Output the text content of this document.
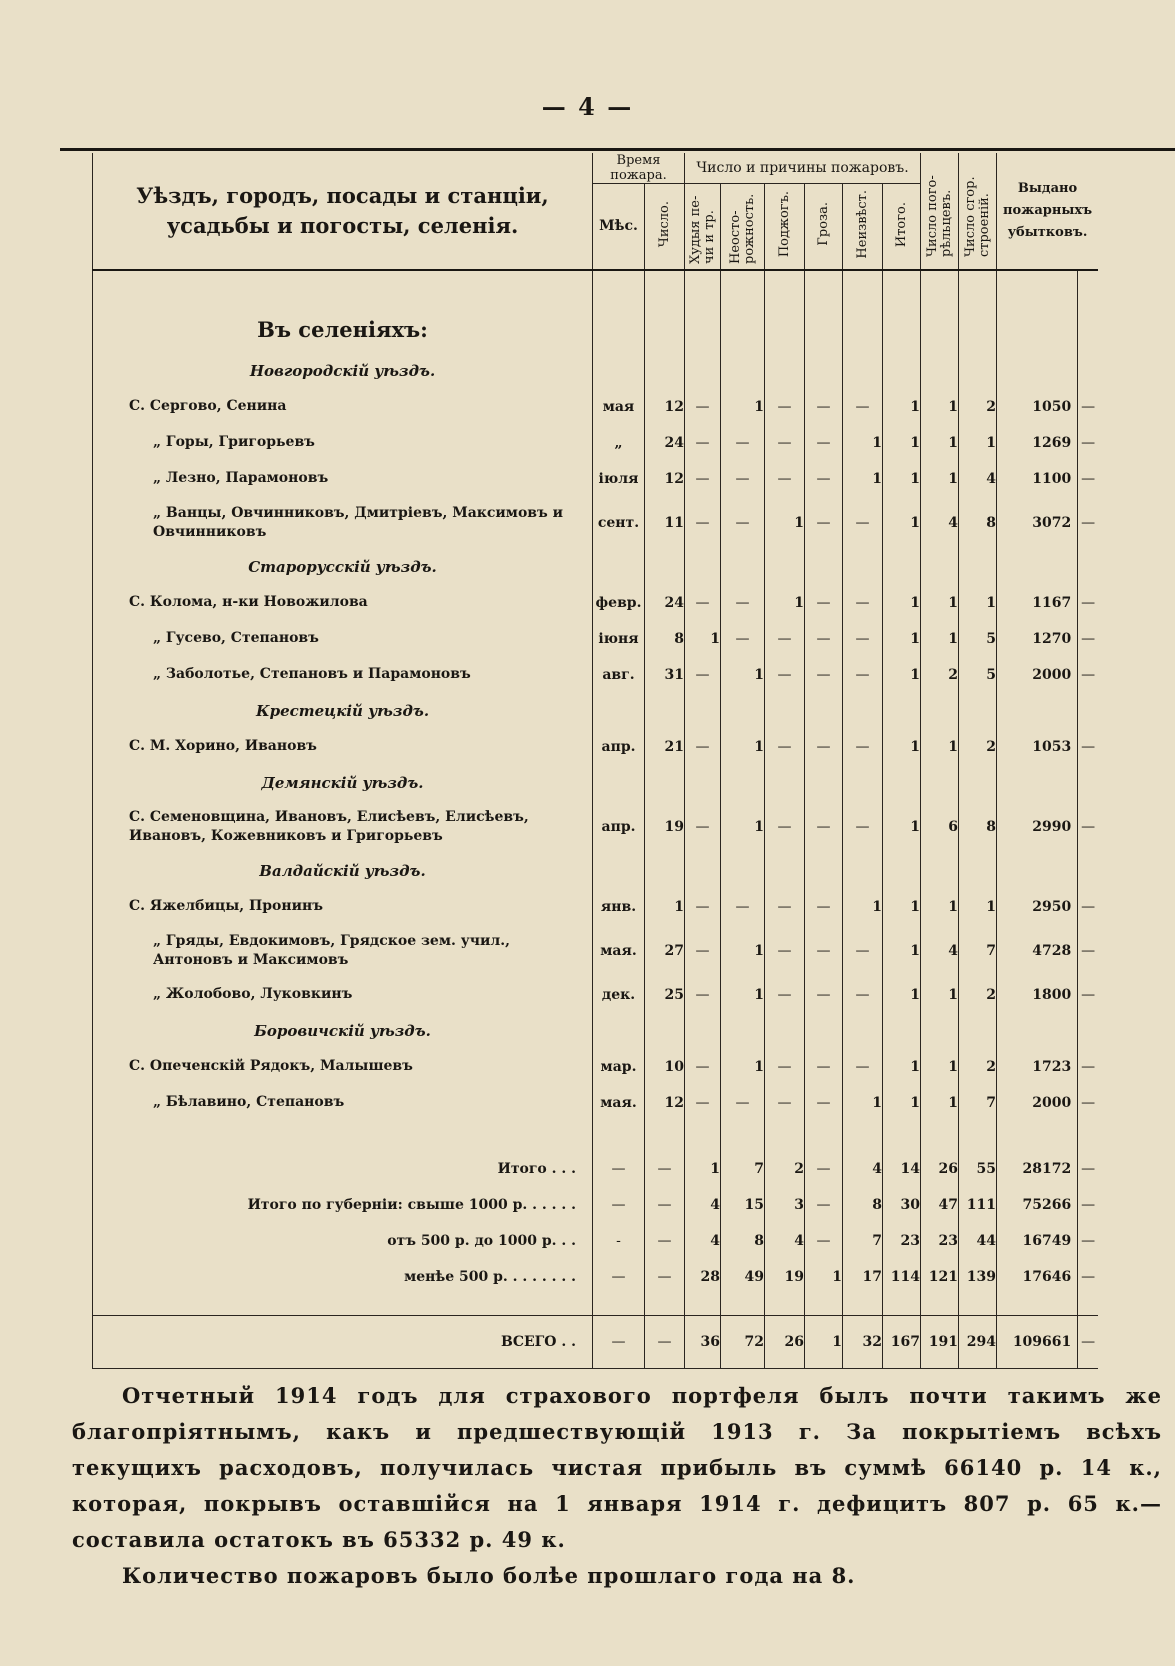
— 4 —
Уѣздъ, городъ, посады и станціи, усадьбы и погосты, селенія.	Время пожара.		Число и причины пожаровъ.						Число пого-рѣльцевъ.	Число сгор. строеній.	Выдано пожарныхъ убытковъ.	
	Мѣс.	Число.	Худыя пе-чи и тр.	Неосто-рожность.	Поджогъ.	Гроза.	Неизвѣст.	Итого.				

Въ селеніяхъ:												
Новгородскій уѣздъ.												
С. Сергово, Сенина	мая	12	—	1	—	—	—	1	1	2	1050	—
„ Горы, Григорьевъ	„	24	—	—	—	—	1	1	1	1	1269	—
„ Лезно, Парамоновъ	іюля	12	—	—	—	—	1	1	1	4	1100	—
„ Ванцы, Овчинниковъ, Дмитріевъ, Максимовъ и Овчинниковъ	сент.	11	—	—	1	—	—	1	4	8	3072	—
Старорусскій уѣздъ.												
С. Колома, н-ки Новожилова	февр.	24	—	—	1	—	—	1	1	1	1167	—
„ Гусево, Степановъ	іюня	8	1	—	—	—	—	1	1	5	1270	—
„ Заболотье, Степановъ и Парамоновъ	авг.	31	—	1	—	—	—	1	2	5	2000	—
Крестецкій уѣздъ.												
С. М. Хорино, Ивановъ	апр.	21	—	1	—	—	—	1	1	2	1053	—
Демянскій уѣздъ.												
С. Семеновщина, Ивановъ, Елисѣевъ, Елисѣевъ, Ивановъ, Кожевниковъ и Григорьевъ	апр.	19	—	1	—	—	—	1	6	8	2990	—
Валдайскій уѣздъ.												
С. Яжелбицы, Пронинъ	янв.	1	—	—	—	—	1	1	1	1	2950	—
„ Гряды, Евдокимовъ, Грядское зем. учил., Антоновъ и Максимовъ	мая.	27	—	1	—	—	—	1	4	7	4728	—
„ Жолобово, Луковкинъ	дек.	25	—	1	—	—	—	1	1	2	1800	—
Боровичскій уѣздъ.												
С. Опеченскій Рядокъ, Малышевъ	мар.	10	—	1	—	—	—	1	1	2	1723	—
„ Бѣлавино, Степановъ	мая.	12	—	—	—	—	1	1	1	7	2000	—

Итого . . .	—	—	1	7	2	—	4	14	26	55	28172	—
Итого по губерніи: свыше 1000 р. . . . . .	—	—	4	15	3	—	8	30	47	111	75266	—
отъ 500 р. до 1000 р. . .	-	—	4	8	4	—	7	23	23	44	16749	—
менѣе 500 р. . . . . . . .	—	—	28	49	19	1	17	114	121	139	17646	—

ВСЕГО . .	—	—	36	72	26	1	32	167	191	294	109661	—

Отчетный 1914 годъ для страхового портфеля былъ почти такимъ же благопріятнымъ, какъ и предшествующій 1913 г. За покрытіемъ всѣхъ текущихъ расходовъ, получилась чистая прибыль въ суммѣ 66140 р. 14 к., которая, покрывъ оставшійся на 1 января 1914 г. дефицитъ 807 р. 65 к.—составила остатокъ въ 65332 р. 49 к.

Количество пожаровъ было болѣе прошлаго года на 8.
